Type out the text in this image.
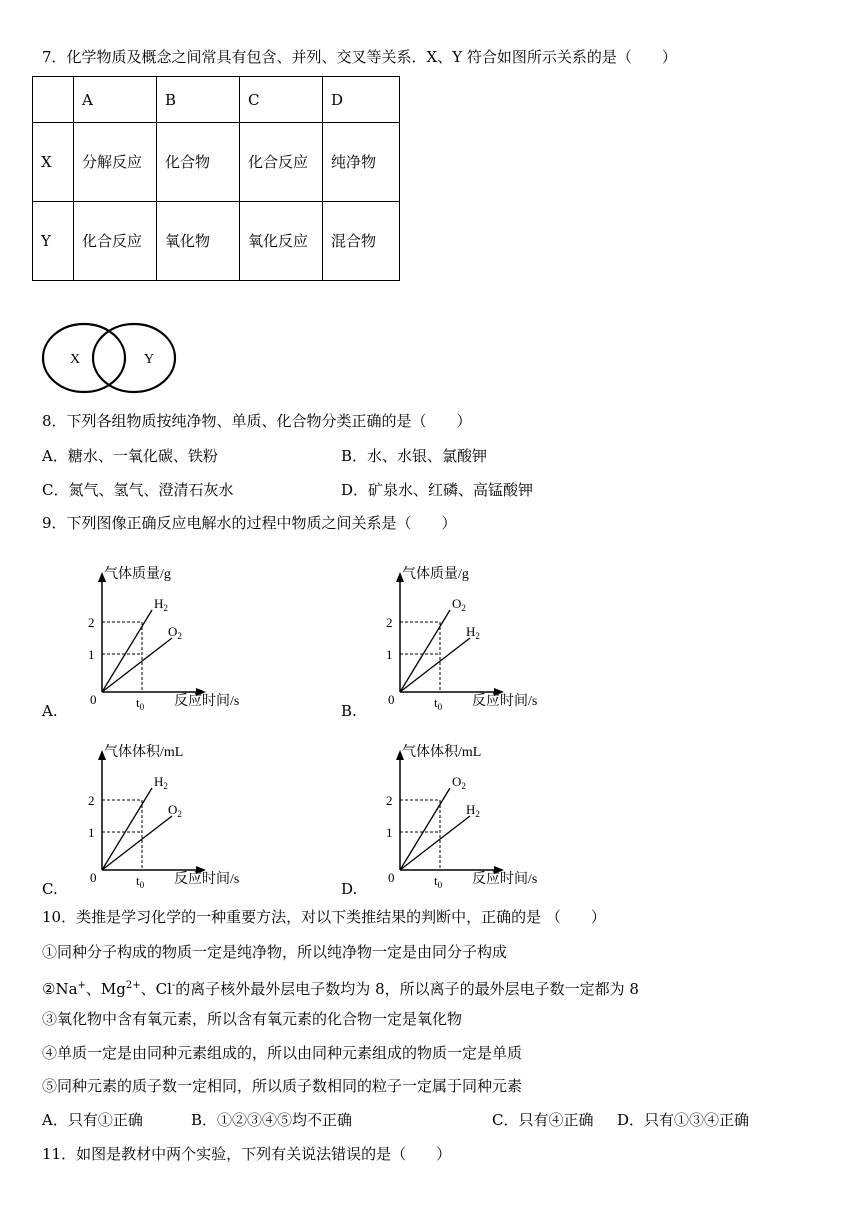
7．化学物质及概念之间常具有包含、并列、交叉等关系．X、Y 符合如图所示关系的是（　　）
	A	B	C	D
X	分解反应	化合物	化合反应	纯净物

Y	化合反应	氧化物	氧化反应	混合物
X	Y
8．下列各组物质按纯净物、单质、化合物分类正确的是（　　）
A．糖水、一氧化碳、铁粉	B．水、水银、氯酸钾
C．氮气、氢气、澄清石灰水	D．矿泉水、红磷、高锰酸钾
9．下列图像正确反应电解水的过程中物质之间关系是（　　）
A.	B.
C.	D.
气体质量/g
反应时间/s
2
1
0	$t_0$
$H_2$
$O_2$
气体质量/g
反应时间/s
2
1
0	$t_0$
$O_2$
$H_2$
气体体积/mL
反应时间/s
2
1
0	$t_0$
$H_2$
$O_2$
气体体积/mL
反应时间/s
2
1
0	$t_0$
$O_2$
$H_2$
10．类推是学习化学的一种重要方法，对以下类推结果的判断中，正确的是 （　　）
①同种分子构成的物质一定是纯净物，所以纯净物一定是由同分子构成
②Na+、$Mg^{2+}$、Cl-的离子核外最外层电子数均为 8，所以离子的最外层电子数一定都为 8
③氧化物中含有氧元素，所以含有氧元素的化合物一定是氧化物
④单质一定是由同种元素组成的，所以由同种元素组成的物质一定是单质
⑤同种元素的质子数一定相同，所以质子数相同的粒子一定属于同种元素
A．只有①正确	B．①②③④⑤均不正确	C．只有④正确 D．只有①③④正确
11．如图是教材中两个实验，下列有关说法错误的是（　　）
